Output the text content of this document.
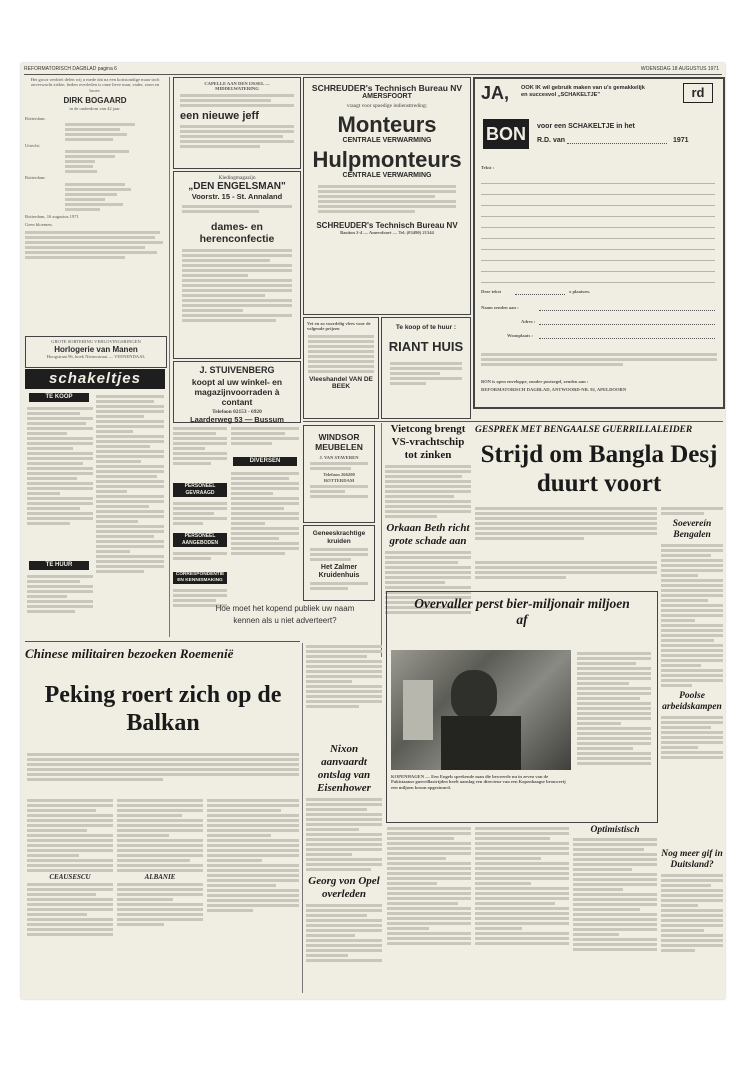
REFORMATORISCH DAGBLAD pagina 6	WOENSDAG 18 AUGUSTUS 1971
Het groot verdriet delen wij u mede dat na een kortstondige maar toch onverwacht ziekte, heden overleden is onze lieve man, vader, zoon en broer:
DIRK BOGAARD
in de ouderdom van 42 jaar.
Rotterdam:
Utrecht:
Rotterdam:
Rotterdam, 16 augustus 1971
Geen bloemen.
GROTE SORTERING VERLOVINGSRINGEN
Horlogerie van Manen
Hoogstraat 96, hoek Nieuwstraat — VEENENDAAL
schakeltjes
TE KOOP
TE HUUR
CAPELLE AAN DEN IJSSEL —
MIDDELWATERING
een nieuwe jeff
Kledingmagazijn
„DEN ENGELSMAN"
Voorstr. 15 - St. Annaland
dames- en herenconfectie
J. STUIVENBERG
koopt al uw winkel- en magazijnvoorraden à contant
Telefoon 02153 - 6920
Laarderweg 53 — Bussum
PERSONEEL GEVRAAGD
PERSONEEL AANGEBODEN
CORRESPONDENTIE EN KENNISMAKING
DIVERSEN
WINDSOR MEUBELEN
J. VAN STAVEREN
Telefoon 266200
ROTTERDAM
Geneeskrachtige kruiden
Het Zalmer Kruidenhuis
Hoe moet het kopend publiek uw naam kennen als u niet adverteert?
SCHREUDER's Technisch Bureau NV
AMERSFOORT
vraagt voor spoedige indiensttreding:
Monteurs
CENTRALE VERWARMING
Hulpmonteurs
CENTRALE VERWARMING
SCHREUDER's Technisch Bureau NV
Bastion 2-4 — Amersfoort — Tel. (03490) 21344
Vet en zo voordelig vlees voor de volgende prijzen
Vleeshandel VAN DE BEEK
Te koop of te huur :
RIANT HUIS
JA, OOK IK wil gebruik maken van u's gemakkelijk en succesvol „SCHAKELTJE"	rd
BON	voor een SCHAKELTJE in het
R.D. van	1971
Tekst :
Deze tekst	x plaatsen.
Naam zenden aan :
Adres :
Woonplaats :
BON is open enveloppe, zonder postzegel, zenden aan :
REFORMATORISCH DAGBLAD, ANTWOORD-NR. 92, APELDOORN
Vietcong brengt VS-vrachtschip tot zinken
Orkaan Beth richt grote schade aan
GESPREK MET BENGAALSE GUERRILLALEIDER
Strijd om Bangla Desj duurt voort
Soevereín Bengalen
Poolse arbeidskampen
Overvaller perst bier-miljonair miljoen af
KOPENHAGEN — Een Engels sprekende man die beweerde nu in zeven van de Pakistaanse guerrillastrijden heeft aanslag een directeur van een Kopenhaagse brouwerij een miljoen kroon opgestuurd.
Optimistisch
Nog meer gif in Duitsland?
Chinese militairen bezoeken Roemenië
Peking roert zich op de Balkan
CEAUSESCU	ALBANIE
Nixon aanvaardt ontslag van Eisenhower
Georg von Opel overleden
